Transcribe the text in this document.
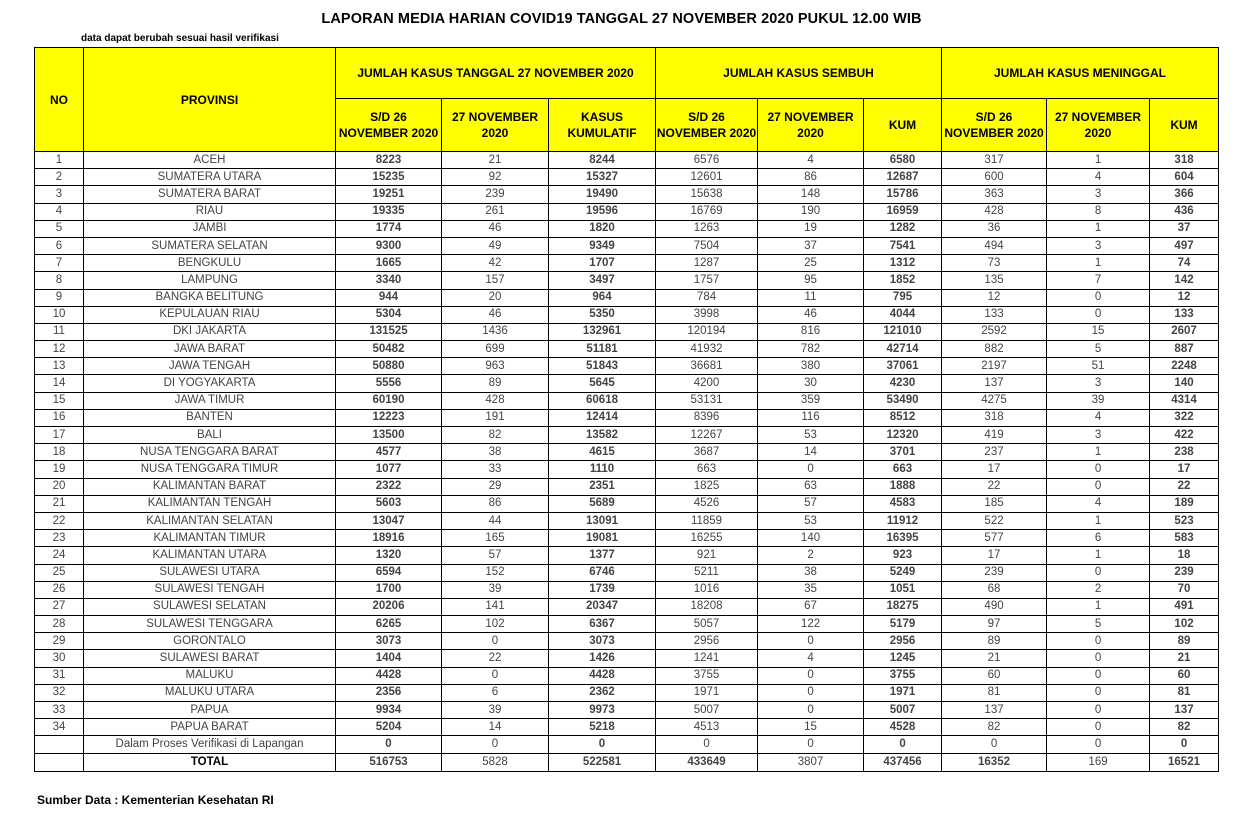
LAPORAN MEDIA HARIAN COVID19 TANGGAL 27 NOVEMBER 2020 PUKUL 12.00 WIB
data dapat berubah sesuai hasil verifikasi
NO	PROVINSI	JUMLAH KASUS TANGGAL 27 NOVEMBER 2020			JUMLAH KASUS SEMBUH			JUMLAH KASUS MENINGGAL		
		S/D 26 NOVEMBER 2020	27 NOVEMBER 2020	KASUS KUMULATIF	S/D 26 NOVEMBER 2020	27 NOVEMBER 2020	KUM	S/D 26 NOVEMBER 2020	27 NOVEMBER 2020	KUM
1	ACEH	8223	21	8244	6576	4	6580	317	1	318
2	SUMATERA UTARA	15235	92	15327	12601	86	12687	600	4	604
3	SUMATERA BARAT	19251	239	19490	15638	148	15786	363	3	366
4	RIAU	19335	261	19596	16769	190	16959	428	8	436
5	JAMBI	1774	46	1820	1263	19	1282	36	1	37
6	SUMATERA SELATAN	9300	49	9349	7504	37	7541	494	3	497
7	BENGKULU	1665	42	1707	1287	25	1312	73	1	74
8	LAMPUNG	3340	157	3497	1757	95	1852	135	7	142
9	BANGKA BELITUNG	944	20	964	784	11	795	12	0	12
10	KEPULAUAN RIAU	5304	46	5350	3998	46	4044	133	0	133
11	DKI JAKARTA	131525	1436	132961	120194	816	121010	2592	15	2607
12	JAWA BARAT	50482	699	51181	41932	782	42714	882	5	887
13	JAWA TENGAH	50880	963	51843	36681	380	37061	2197	51	2248
14	DI YOGYAKARTA	5556	89	5645	4200	30	4230	137	3	140
15	JAWA TIMUR	60190	428	60618	53131	359	53490	4275	39	4314
16	BANTEN	12223	191	12414	8396	116	8512	318	4	322
17	BALI	13500	82	13582	12267	53	12320	419	3	422
18	NUSA TENGGARA BARAT	4577	38	4615	3687	14	3701	237	1	238
19	NUSA TENGGARA TIMUR	1077	33	1110	663	0	663	17	0	17
20	KALIMANTAN BARAT	2322	29	2351	1825	63	1888	22	0	22
21	KALIMANTAN TENGAH	5603	86	5689	4526	57	4583	185	4	189
22	KALIMANTAN SELATAN	13047	44	13091	11859	53	11912	522	1	523
23	KALIMANTAN TIMUR	18916	165	19081	16255	140	16395	577	6	583
24	KALIMANTAN UTARA	1320	57	1377	921	2	923	17	1	18
25	SULAWESI UTARA	6594	152	6746	5211	38	5249	239	0	239
26	SULAWESI TENGAH	1700	39	1739	1016	35	1051	68	2	70
27	SULAWESI SELATAN	20206	141	20347	18208	67	18275	490	1	491
28	SULAWESI TENGGARA	6265	102	6367	5057	122	5179	97	5	102
29	GORONTALO	3073	0	3073	2956	0	2956	89	0	89
30	SULAWESI BARAT	1404	22	1426	1241	4	1245	21	0	21
31	MALUKU	4428	0	4428	3755	0	3755	60	0	60
32	MALUKU UTARA	2356	6	2362	1971	0	1971	81	0	81
33	PAPUA	9934	39	9973	5007	0	5007	137	0	137
34	PAPUA BARAT	5204	14	5218	4513	15	4528	82	0	82
	Dalam Proses Verifikasi di Lapangan	0	0	0	0	0	0	0	0	0
	TOTAL	516753	5828	522581	433649	3807	437456	16352	169	16521
Sumber Data : Kementerian Kesehatan RI
